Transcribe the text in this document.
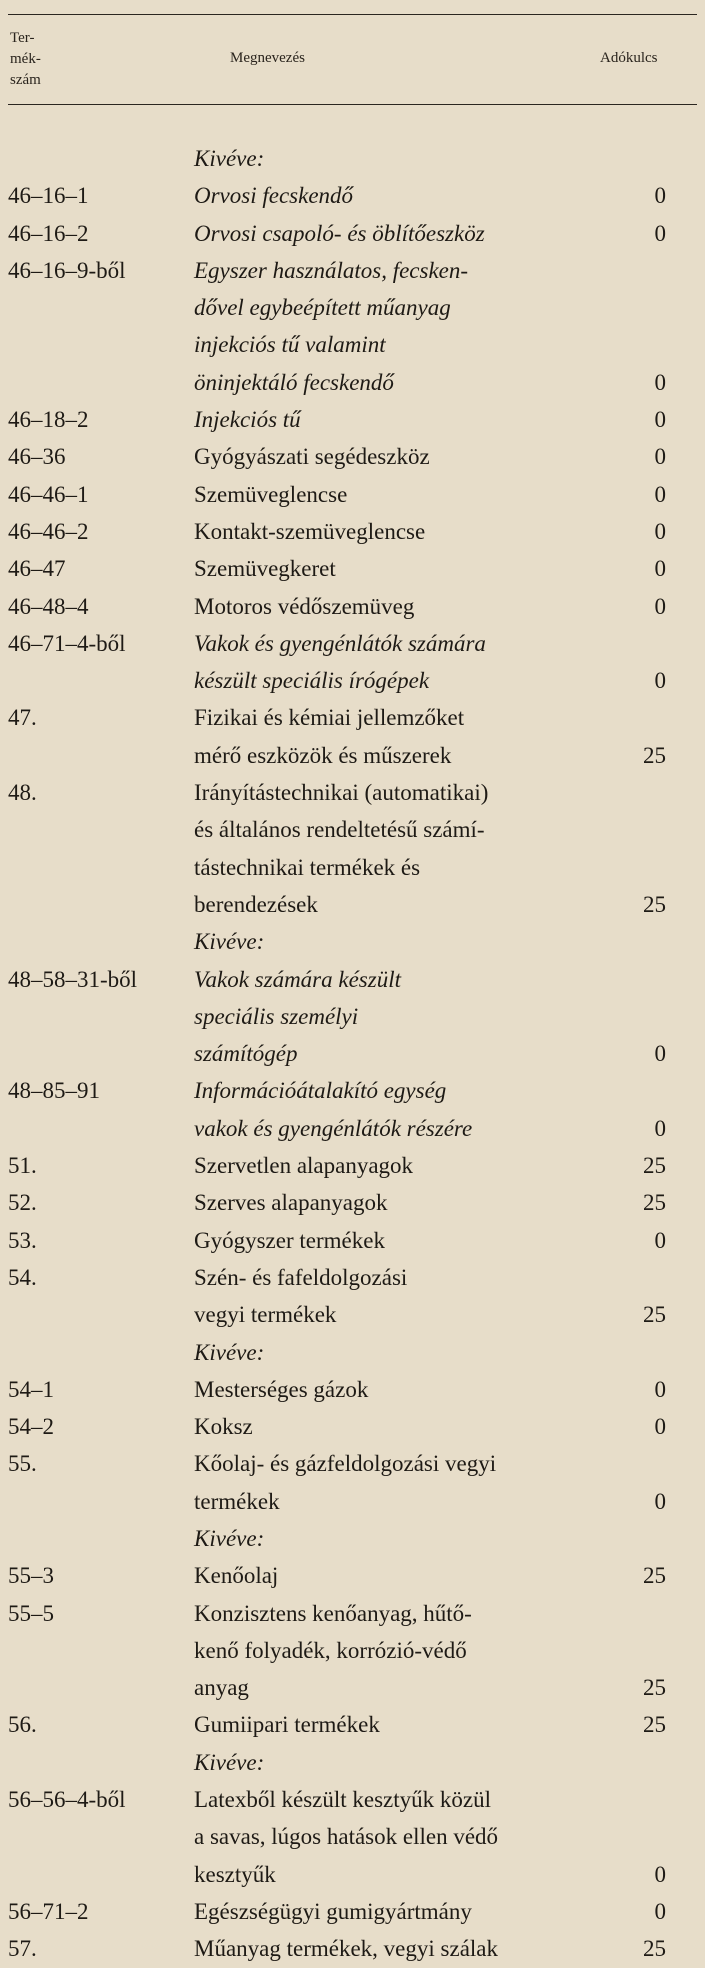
Ter-
mék-
szám
Megnevezés	Adókulcs
Kivéve:
46–16–1	Orvosi fecskendő	0
46–16–2	Orvosi csapoló- és öblítőeszköz	0
46–16–9-ből	Egyszer használatos, fecsken-
dővel egybeépített műanyag
injekciós tű valamint
öninjektáló fecskendő	0
46–18–2	Injekciós tű	0
46–36	Gyógyászati segédeszköz	0
46–46–1	Szemüveglencse	0
46–46–2	Kontakt-szemüveglencse	0
46–47	Szemüvegkeret	0
46–48–4	Motoros védőszemüveg	0
46–71–4-ből	Vakok és gyengénlátók számára
készült speciális írógépek	0
47.	Fizikai és kémiai jellemzőket
mérő eszközök és műszerek	25
48.	Irányítástechnikai (automatikai)
és általános rendeltetésű számí-
tástechnikai termékek és
berendezések	25
Kivéve:
48–58–31-ből Vakok számára készült
speciális személyi
számítógép	0
48–85–91	Információátalakító egység
vakok és gyengénlátók részére	0
51.	Szervetlen alapanyagok	25
52.	Szerves alapanyagok	25
53.	Gyógyszer termékek	0
54.	Szén- és fafeldolgozási
vegyi termékek	25
Kivéve:
54–1	Mesterséges gázok	0
54–2	Koksz	0
55.	Kőolaj- és gázfeldolgozási vegyi
termékek	0
Kivéve:
55–3	Kenőolaj	25
55–5	Konzisztens kenőanyag, hűtő-
kenő folyadék, korrózió-védő
anyag	25
56.	Gumiipari termékek	25
Kivéve:
56–56–4-ből	Latexből készült kesztyűk közül
a savas, lúgos hatások ellen védő
kesztyűk	0
56–71–2	Egészségügyi gumigyártmány	0
57.	Műanyag termékek, vegyi szálak	25
